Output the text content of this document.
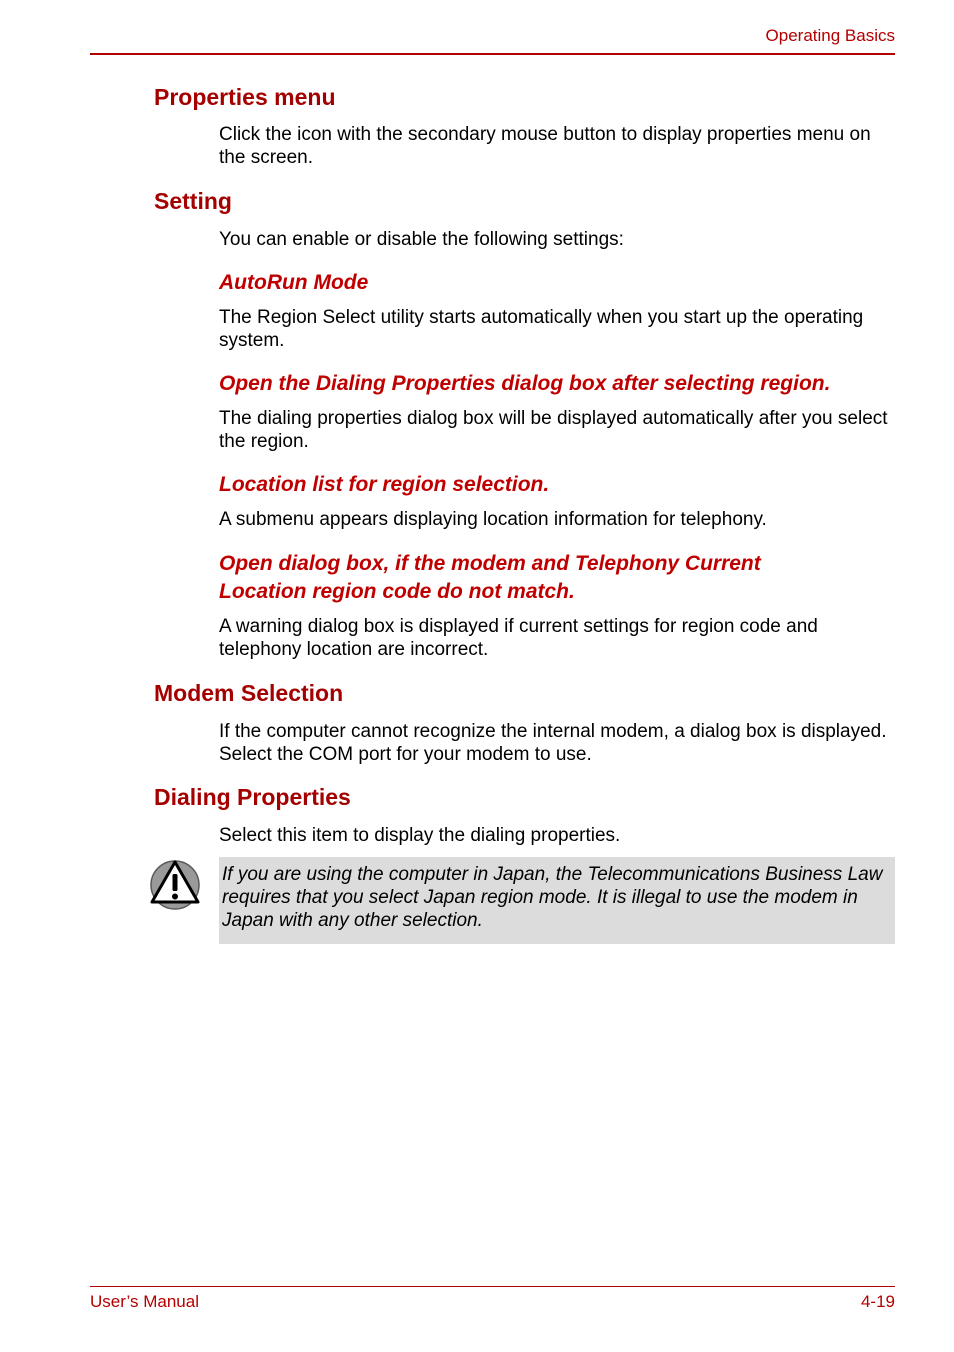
Operating Basics
Properties menu
Click the icon with the secondary mouse button to display properties menu on the screen.
Setting
You can enable or disable the following settings:
AutoRun Mode
The Region Select utility starts automatically when you start up the operating system.
Open the Dialing Properties dialog box after selecting region.
The dialing properties dialog box will be displayed automatically after you select the region.
Location list for region selection.
A submenu appears displaying location information for telephony.
Open dialog box, if the modem and Telephony Current Location region code do not match.
A warning dialog box is displayed if current settings for region code and telephony location are incorrect.
Modem Selection
If the computer cannot recognize the internal modem, a dialog box is displayed. Select the COM port for your modem to use.
Dialing Properties
Select this item to display the dialing properties.
If you are using the computer in Japan, the Telecommunications Business Law requires that you select Japan region mode. It is illegal to use the modem in Japan with any other selection.
User’s Manual	4-19
